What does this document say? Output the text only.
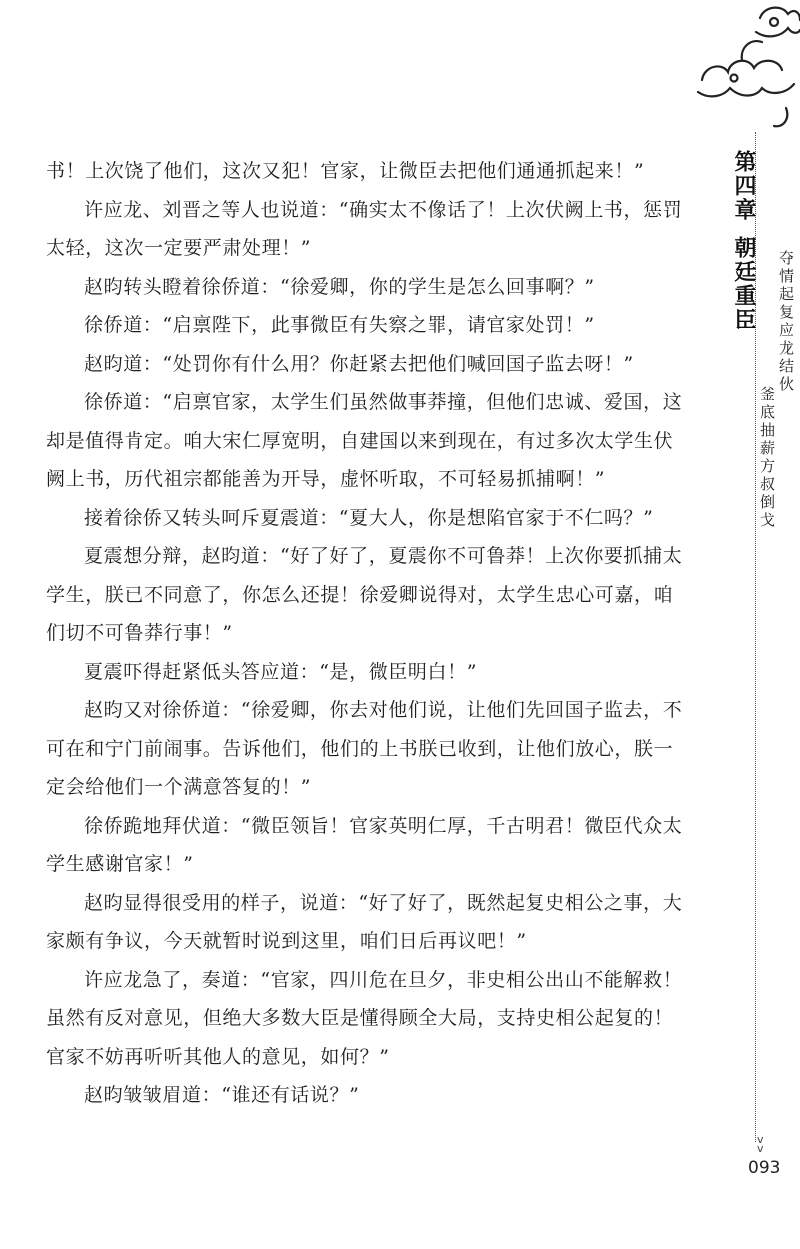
书！上次饶了他们，这次又犯！官家，让微臣去把他们通通抓起来！”

许应龙、刘晋之等人也说道：“确实太不像话了！上次伏阙上书，惩罚太轻，这次一定要严肃处理！”

赵昀转头瞪着徐侨道：“徐爱卿，你的学生是怎么回事啊？”

徐侨道：“启禀陛下，此事微臣有失察之罪，请官家处罚！”

赵昀道：“处罚你有什么用？你赶紧去把他们喊回国子监去呀！”

徐侨道：“启禀官家，太学生们虽然做事莽撞，但他们忠诚、爱国，这却是值得肯定。咱大宋仁厚宽明，自建国以来到现在，有过多次太学生伏阙上书，历代祖宗都能善为开导，虚怀听取，不可轻易抓捕啊！”

接着徐侨又转头呵斥夏震道：“夏大人，你是想陷官家于不仁吗？”

夏震想分辩，赵昀道：“好了好了，夏震你不可鲁莽！上次你要抓捕太学生，朕已不同意了，你怎么还提！徐爱卿说得对，太学生忠心可嘉，咱们切不可鲁莽行事！”

夏震吓得赶紧低头答应道：“是，微臣明白！”

赵昀又对徐侨道：“徐爱卿，你去对他们说，让他们先回国子监去，不可在和宁门前闹事。告诉他们，他们的上书朕已收到，让他们放心，朕一定会给他们一个满意答复的！”

徐侨跪地拜伏道：“微臣领旨！官家英明仁厚，千古明君！微臣代众太学生感谢官家！”

赵昀显得很受用的样子，说道：“好了好了，既然起复史相公之事，大家颇有争议，今天就暂时说到这里，咱们日后再议吧！”

许应龙急了，奏道：“官家，四川危在旦夕，非史相公出山不能解救！虽然有反对意见，但绝大多数大臣是懂得顾全大局，支持史相公起复的！官家不妨再听听其他人的意见，如何？”

赵昀皱皱眉道：“谁还有话说？”

第四章
朝廷重臣 夺情起复应龙结伙
釜底抽薪方叔倒戈
v
v
093
